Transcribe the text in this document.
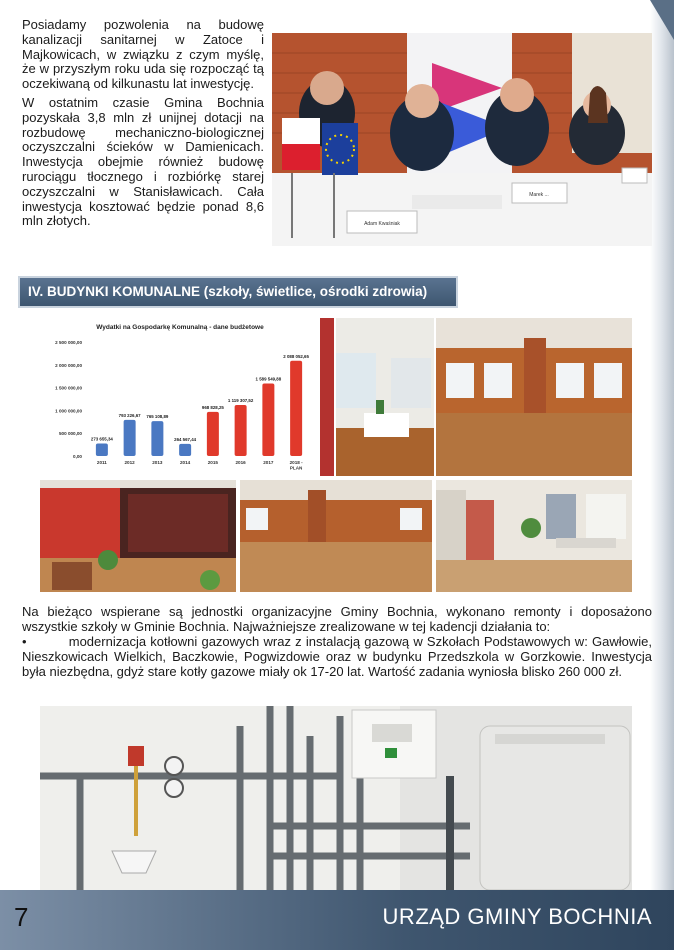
Posiadamy pozwolenia na budowę kanalizacji sanitarnej w Zatoce i Majkowicach, w związku z czym myślę, że w przyszłym roku uda się rozpocząć tą oczekiwaną od kilkunastu lat inwestycję.

W ostatnim czasie Gmina Bochnia pozyskała 3,8 mln zł unijnej dotacji na rozbudowę mechaniczno-biologicznej oczyszczalni ścieków w Damienicach. Inwestycja obejmie również budowę rurociągu tłocznego i rozbiórkę starej oczyszczalni w Stanisławicach. Cała inwestycja kosztować będzie ponad 8,6 mln złotych.	Adam Kwaśniak
Marek ...
IV. BUDYNKI KOMUNALNE (szkoły, świetlice, ośrodki zdrowia)
Wydatki na Gospodarkę Komunalną - dane budżetowe
0,00
500 000,00
1 000 000,00
1 500 000,00
2 000 000,00
2 500 000,00
273 655,34
793 226,67 765 108,89
264 567,44
968 828,25
1 119 307,52
1 589 549,88
2 088 052,65
2011	2012	2013	2014	2015	2016	2017	2018 -PLAN

Na bieżąco wspierane są jednostki organizacyjne Gminy Bochnia, wykonano remonty i doposażono wszystkie szkoły w Gminie Bochnia. Najważniejsze zrealizowane w tej kadencji działania to:

•	modernizacja kotłowni gazowych wraz z instalacją gazową w Szkołach Podstawowych w: Gawłowie, Nieszkowicach Wielkich, Baczkowie, Pogwizdowie oraz w budynku Przedszkola w Gorzkowie. Inwestycja była niezbędna, gdyż stare kotły gazowe miały ok 17-20 lat. Wartość zadania wyniosła blisko 260 000 zł.

7	URZĄD GMINY BOCHNIA
